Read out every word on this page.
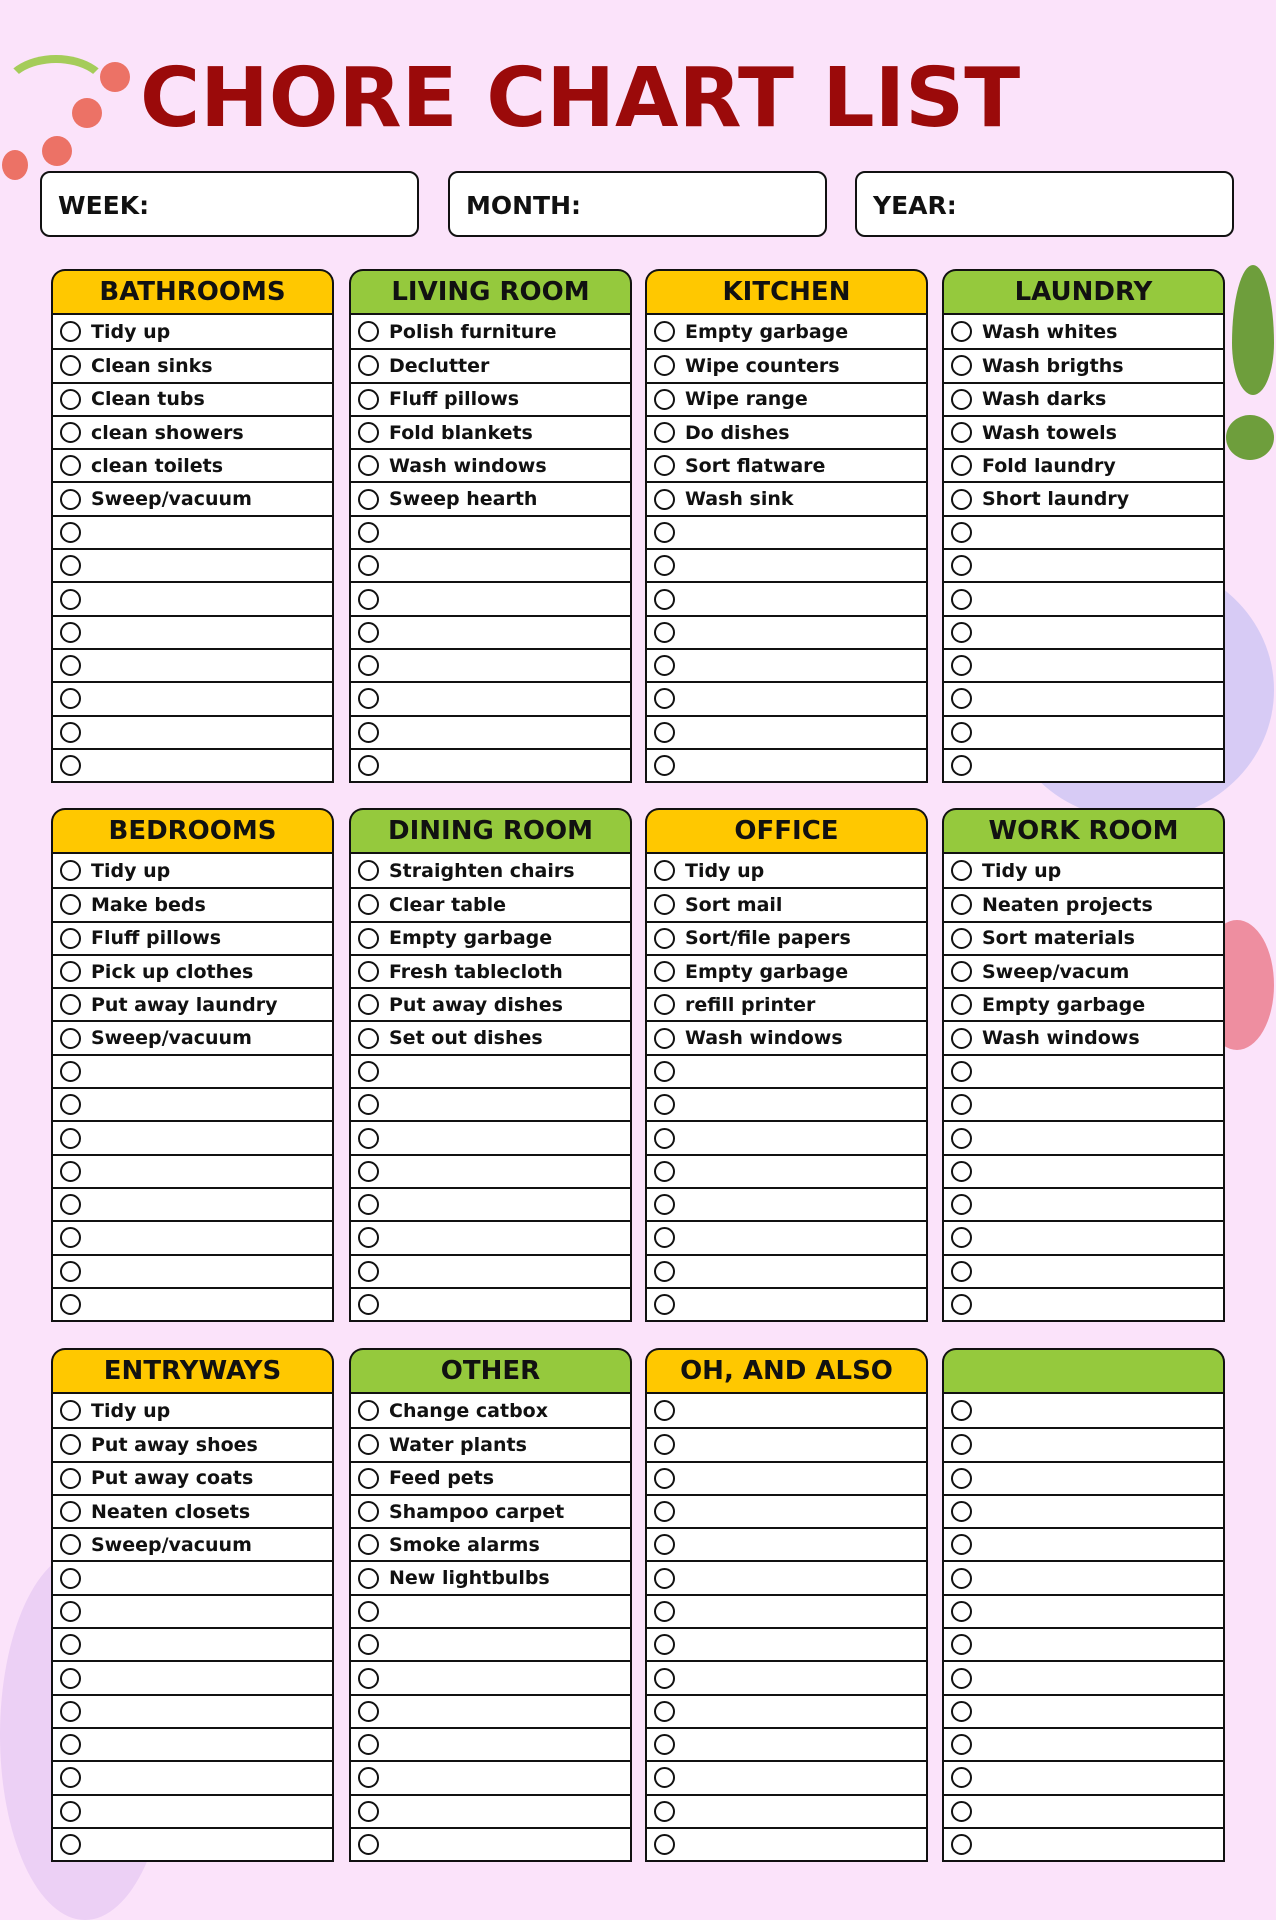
CHORE CHART LIST
WEEK:	MONTH:	YEAR:
BATHROOMS
Tidy up
Clean sinks
Clean tubs
clean showers
clean toilets
Sweep/vacuum
LIVING ROOM
Polish furniture
Declutter
Fluff pillows
Fold blankets
Wash windows
Sweep hearth
KITCHEN
Empty garbage
Wipe counters
Wipe range
Do dishes
Sort flatware
Wash sink
LAUNDRY
Wash whites
Wash brigths
Wash darks
Wash towels
Fold laundry
Short laundry
BEDROOMS
Tidy up
Make beds
Fluff pillows
Pick up clothes
Put away laundry
Sweep/vacuum
DINING ROOM
Straighten chairs
Clear table
Empty garbage
Fresh tablecloth
Put away dishes
Set out dishes
OFFICE
Tidy up
Sort mail
Sort/file papers
Empty garbage
refill printer
Wash windows
WORK ROOM
Tidy up
Neaten projects
Sort materials
Sweep/vacum
Empty garbage
Wash windows
ENTRYWAYS
Tidy up
Put away shoes
Put away coats
Neaten closets
Sweep/vacuum
OTHER
Change catbox
Water plants
Feed pets
Shampoo carpet
Smoke alarms
New lightbulbs
OH, AND ALSO
